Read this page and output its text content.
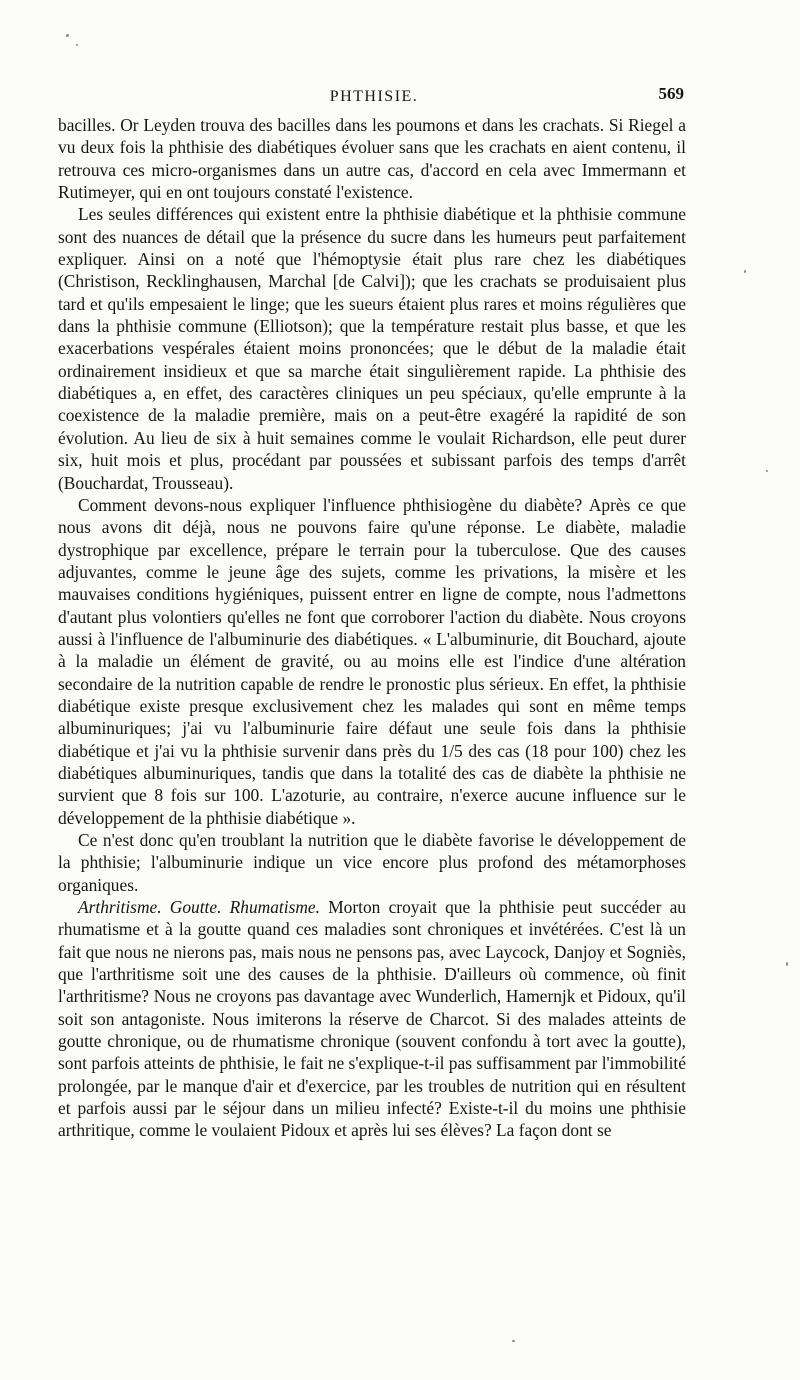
PHTHISIE.	569

bacilles. Or Leyden trouva des bacilles dans les poumons et dans les crachats. Si Riegel a vu deux fois la phthisie des diabétiques évoluer sans que les crachats en aient contenu, il retrouva ces micro-organismes dans un autre cas, d'accord en cela avec Immermann et Rutimeyer, qui en ont toujours constaté l'existence.

Les seules différences qui existent entre la phthisie diabétique et la phthisie commune sont des nuances de détail que la présence du sucre dans les humeurs peut parfaitement expliquer. Ainsi on a noté que l'hémoptysie était plus rare chez les diabétiques (Christison, Recklinghausen, Marchal [de Calvi]); que les crachats se produisaient plus tard et qu'ils empesaient le linge; que les sueurs étaient plus rares et moins régulières que dans la phthisie commune (Elliotson); que la température restait plus basse, et que les exacerbations vespérales étaient moins prononcées; que le début de la maladie était ordinairement insidieux et que sa marche était singulièrement rapide. La phthisie des diabétiques a, en effet, des caractères cliniques un peu spéciaux, qu'elle emprunte à la coexistence de la maladie première, mais on a peut-être exagéré la rapidité de son évolution. Au lieu de six à huit semaines comme le voulait Richardson, elle peut durer six, huit mois et plus, procédant par poussées et subissant parfois des temps d'arrêt (Bouchardat, Trousseau).

Comment devons-nous expliquer l'influence phthisiogène du diabète? Après ce que nous avons dit déjà, nous ne pouvons faire qu'une réponse. Le diabète, maladie dystrophique par excellence, prépare le terrain pour la tuberculose. Que des causes adjuvantes, comme le jeune âge des sujets, comme les privations, la misère et les mauvaises conditions hygiéniques, puissent entrer en ligne de compte, nous l'admettons d'autant plus volontiers qu'elles ne font que corroborer l'action du diabète. Nous croyons aussi à l'influence de l'albuminurie des diabétiques. « L'albuminurie, dit Bouchard, ajoute à la maladie un élément de gravité, ou au moins elle est l'indice d'une altération secondaire de la nutrition capable de rendre le pronostic plus sérieux. En effet, la phthisie diabétique existe presque exclusivement chez les malades qui sont en même temps albuminuriques; j'ai vu l'albuminurie faire défaut une seule fois dans la phthisie diabétique et j'ai vu la phthisie survenir dans près du 1/5 des cas (18 pour 100) chez les diabétiques albuminuriques, tandis que dans la totalité des cas de diabète la phthisie ne survient que 8 fois sur 100. L'azoturie, au contraire, n'exerce aucune influence sur le développement de la phthisie diabétique ».

Ce n'est donc qu'en troublant la nutrition que le diabète favorise le développement de la phthisie; l'albuminurie indique un vice encore plus profond des métamorphoses organiques.

Arthritisme. Goutte. Rhumatisme. Morton croyait que la phthisie peut succéder au rhumatisme et à la goutte quand ces maladies sont chroniques et invétérées. C'est là un fait que nous ne nierons pas, mais nous ne pensons pas, avec Laycock, Danjoy et Sogniès, que l'arthritisme soit une des causes de la phthisie. D'ailleurs où commence, où finit l'arthritisme? Nous ne croyons pas davantage avec Wunderlich, Hamernjk et Pidoux, qu'il soit son antagoniste. Nous imiterons la réserve de Charcot. Si des malades atteints de goutte chronique, ou de rhumatisme chronique (souvent confondu à tort avec la goutte), sont parfois atteints de phthisie, le fait ne s'explique-t-il pas suffisamment par l'immobilité prolongée, par le manque d'air et d'exercice, par les troubles de nutrition qui en résultent et parfois aussi par le séjour dans un milieu infecté? Existe-t-il du moins une phthisie arthritique, comme le voulaient Pidoux et après lui ses élèves? La façon dont se
